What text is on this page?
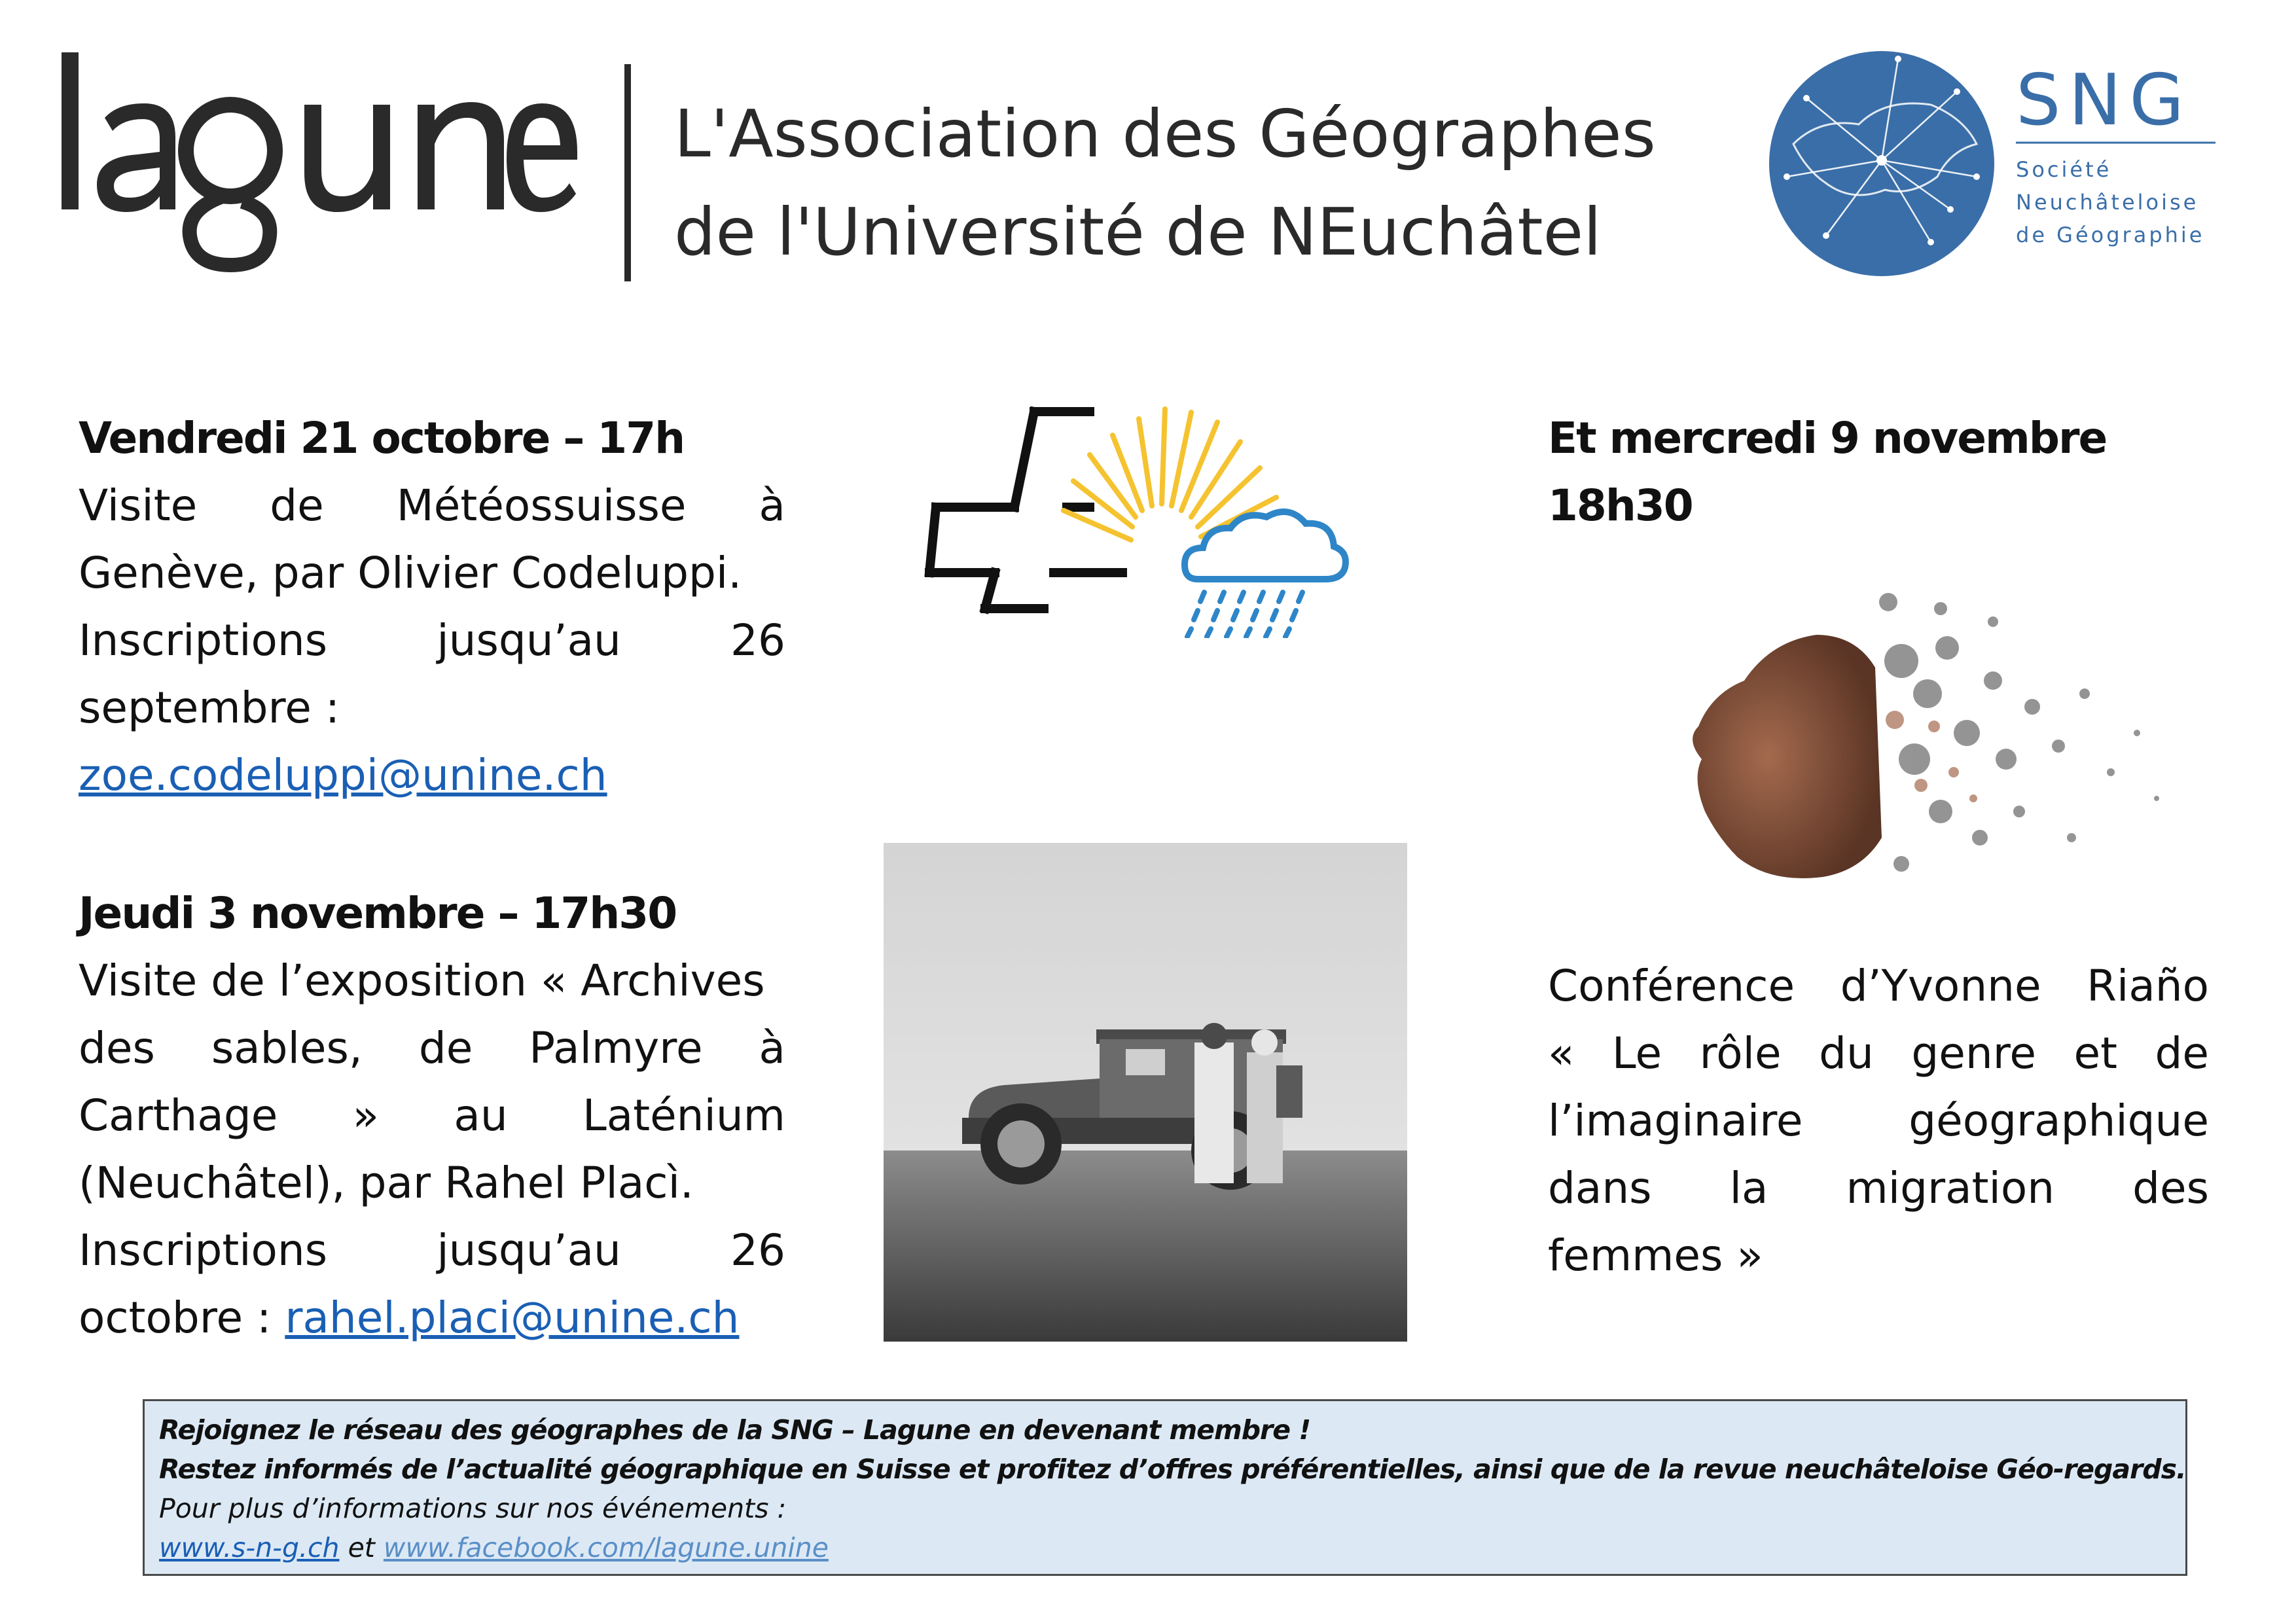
L'Association des Géographes
de l'Université de NEuchâtel
SNG
Société
Neuchâteloise
de Géographie
Vendredi 21 octobre – 17h
Visite de Météossuisse à
Genève, par Olivier Codeluppi.
Inscriptions	jusqu’au	26
septembre :
zoe.codeluppi@unine.ch
Jeudi 3 novembre – 17h30
Visite de l’exposition « Archives
des sables, de Palmyre à
Carthage » au Laténium
(Neuchâtel), par Rahel Placì.
Inscriptions	jusqu’au	26
octobre : rahel.placi@unine.ch
Et mercredi 9 novembre
18h30
Conférence d’Yvonne Riaño
« Le rôle du genre et de
l’imaginaire géographique
dans la migration des
femmes »
Rejoignez le réseau des géographes de la SNG – Lagune en devenant membre !
Restez informés de l’actualité géographique en Suisse et profitez d’offres préférentielles, ainsi que de la revue neuchâteloise Géo-regards.
Pour plus d’informations sur nos événements :
www.s-n-g.ch et www.facebook.com/lagune.unine
